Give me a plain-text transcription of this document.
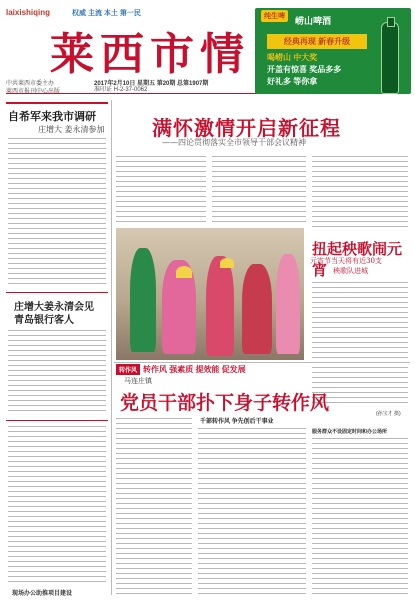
laixishiqing	权威 主流 本土 第一民
莱西市情
2017年2月10日 星期五 第20期 总第1907期
中共莱西市委主办
莱西市报刊中心出版	准印证 H-2-37-0062
纯生啤	崂山啤酒
经典再现 新春升级
喝崂山 中大奖
开盖有惊喜 奖品多多
好礼多 等你拿
自希军来我市调研
庄增大 姜永清参加
庄增大姜永清会见
青岛银行客人
现场办公助推项目建设
满怀激情开启新征程
——四论贯彻落实全市领导干部会议精神
扭起秧歌闹元宵
元宵节当天将有近30支
秧歌队进城
(孙宝才 摄)
转作风 转作风 强素质 提效能 促发展
马连庄镇
党员干部扑下身子转作风
千部转作风 争先创后干事业
服务群众不设固定时间和办公场所
